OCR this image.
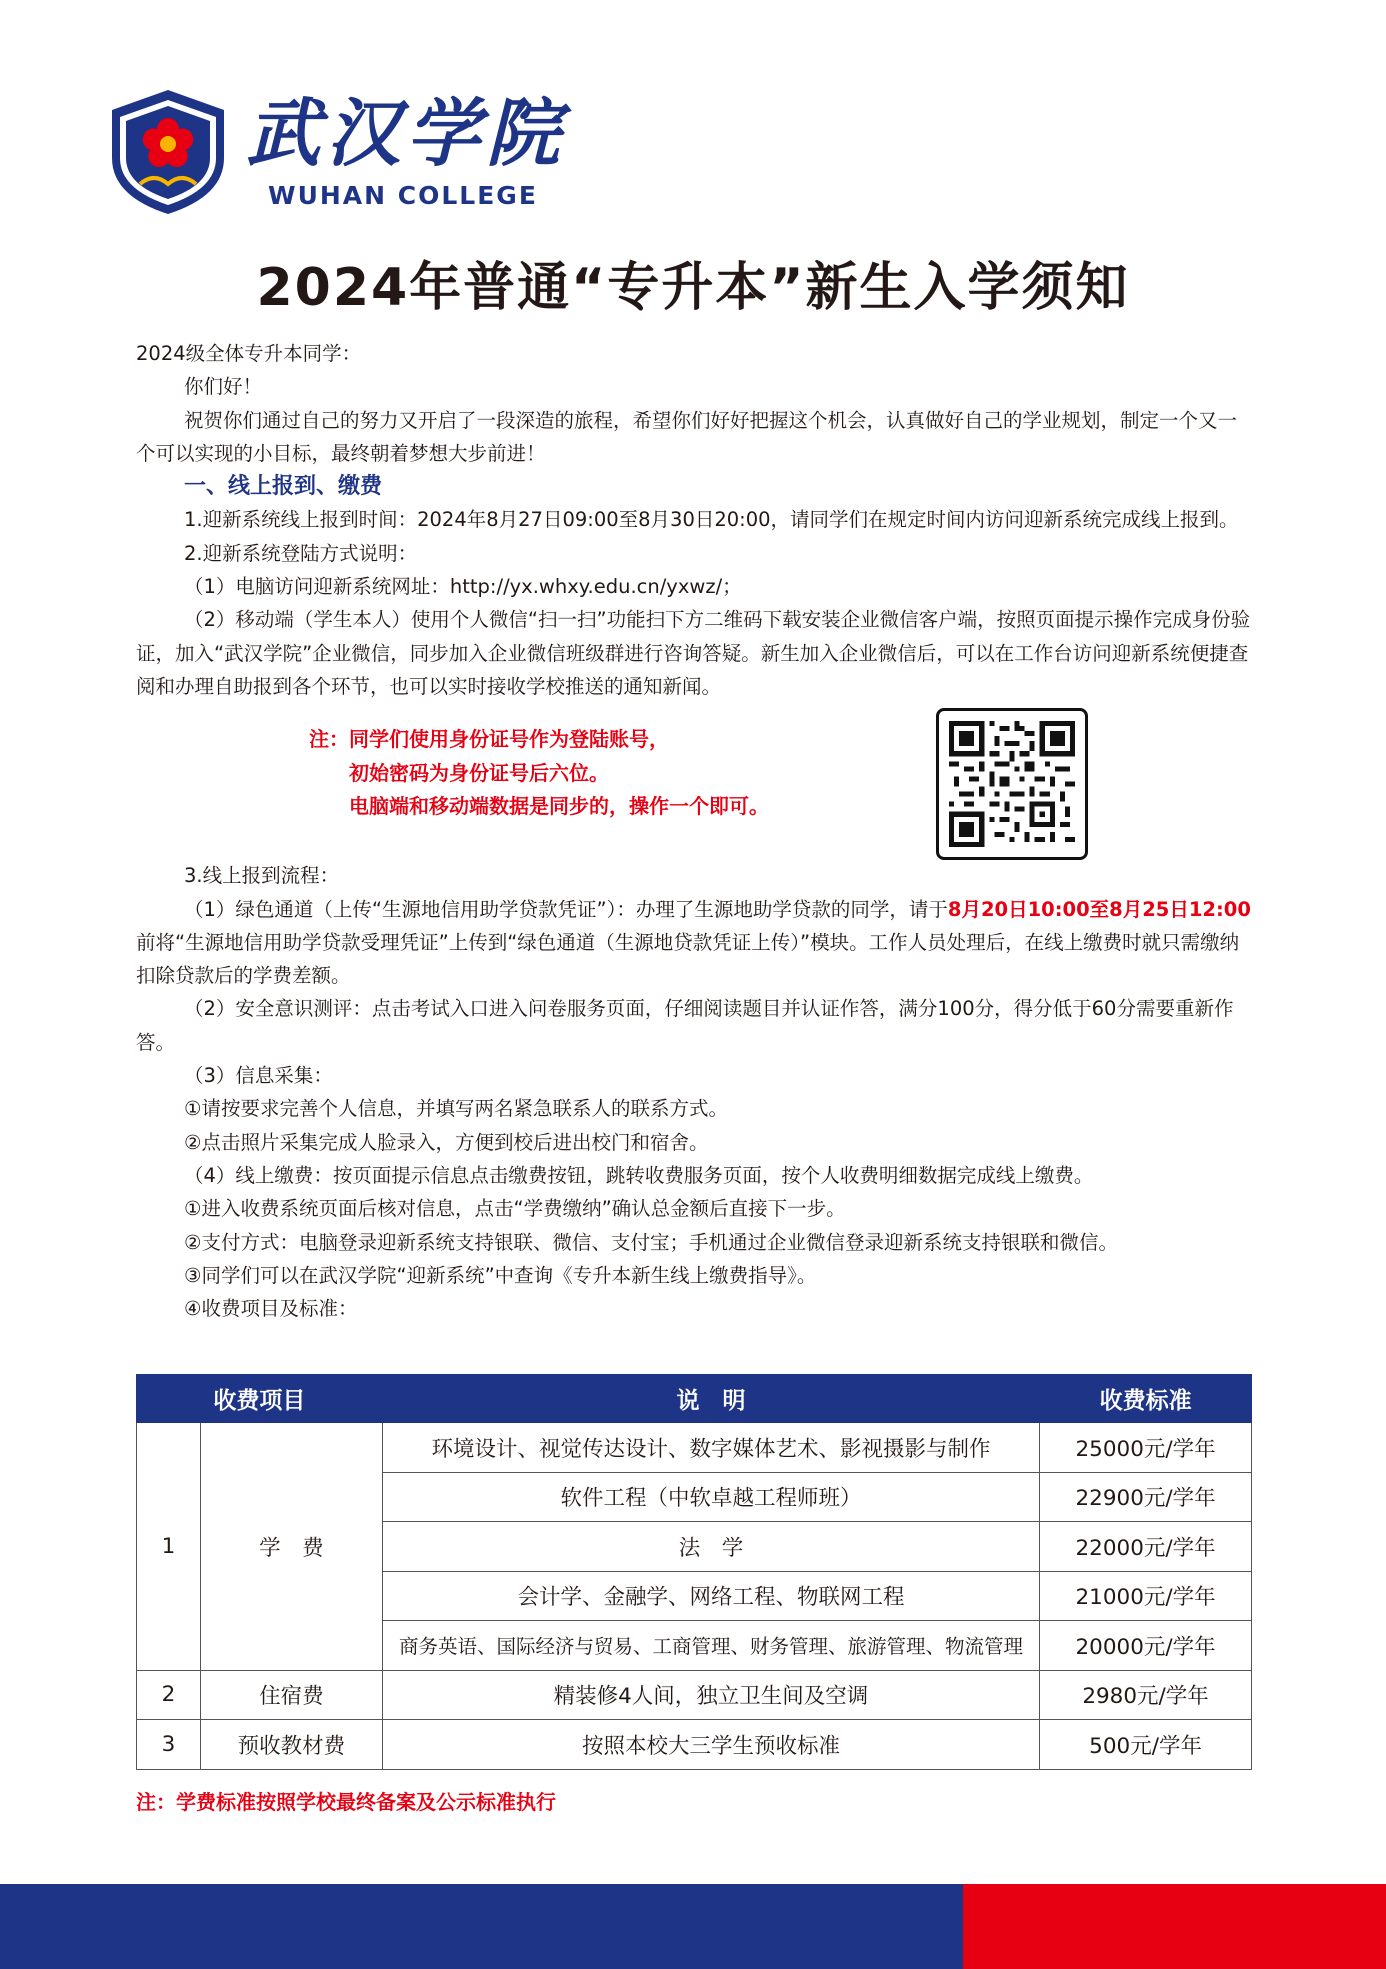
武汉学院
WUHAN COLLEGE
2024年普通“专升本”新生入学须知

2024级全体专升本同学：

你们好！

祝贺你们通过自己的努力又开启了一段深造的旅程，希望你们好好把握这个机会，认真做好自己的学业规划，制定一个又一个可以实现的小目标，最终朝着梦想大步前进！

一、线上报到、缴费

1.迎新系统线上报到时间：2024年8月27日09:00至8月30日20:00，请同学们在规定时间内访问迎新系统完成线上报到。

2.迎新系统登陆方式说明：

（1）电脑访问迎新系统网址：http://yx.whxy.edu.cn/yxwz/；

（2）移动端（学生本人）使用个人微信“扫一扫”功能扫下方二维码下载安装企业微信客户端，按照页面提示操作完成身份验证，加入“武汉学院”企业微信，同步加入企业微信班级群进行咨询答疑。新生加入企业微信后，可以在工作台访问迎新系统便捷查阅和办理自助报到各个环节，也可以实时接收学校推送的通知新闻。

注：同学们使用身份证号作为登陆账号，

初始密码为身份证号后六位。

电脑端和移动端数据是同步的，操作一个即可。

3.线上报到流程：

（1）绿色通道（上传“生源地信用助学贷款凭证”）：办理了生源地助学贷款的同学，请于8月20日10:00至8月25日12:00前将“生源地信用助学贷款受理凭证”上传到“绿色通道（生源地贷款凭证上传）”模块。工作人员处理后，在线上缴费时就只需缴纳扣除贷款后的学费差额。

（2）安全意识测评：点击考试入口进入问卷服务页面，仔细阅读题目并认证作答，满分100分，得分低于60分需要重新作答。

（3）信息采集：

①请按要求完善个人信息，并填写两名紧急联系人的联系方式。

②点击照片采集完成人脸录入，方便到校后进出校门和宿舍。

（4）线上缴费：按页面提示信息点击缴费按钮，跳转收费服务页面，按个人收费明细数据完成线上缴费。

①进入收费系统页面后核对信息，点击“学费缴纳”确认总金额后直接下一步。

②支付方式：电脑登录迎新系统支持银联、微信、支付宝；手机通过企业微信登录迎新系统支持银联和微信。

③同学们可以在武汉学院“迎新系统”中查询《专升本新生线上缴费指导》。

④收费项目及标准：

收费项目		说　明	收费标准
1	学　费	环境设计、视觉传达设计、数字媒体艺术、影视摄影与制作	25000元/学年
		软件工程（中软卓越工程师班）	22900元/学年
		法　学	22000元/学年
		会计学、金融学、网络工程、物联网工程	21000元/学年
		商务英语、国际经济与贸易、工商管理、财务管理、旅游管理、物流管理	20000元/学年
2	住宿费	精装修4人间，独立卫生间及空调	2980元/学年
3	预收教材费	按照本校大三学生预收标准	500元/学年
注：学费标准按照学校最终备案及公示标准执行
